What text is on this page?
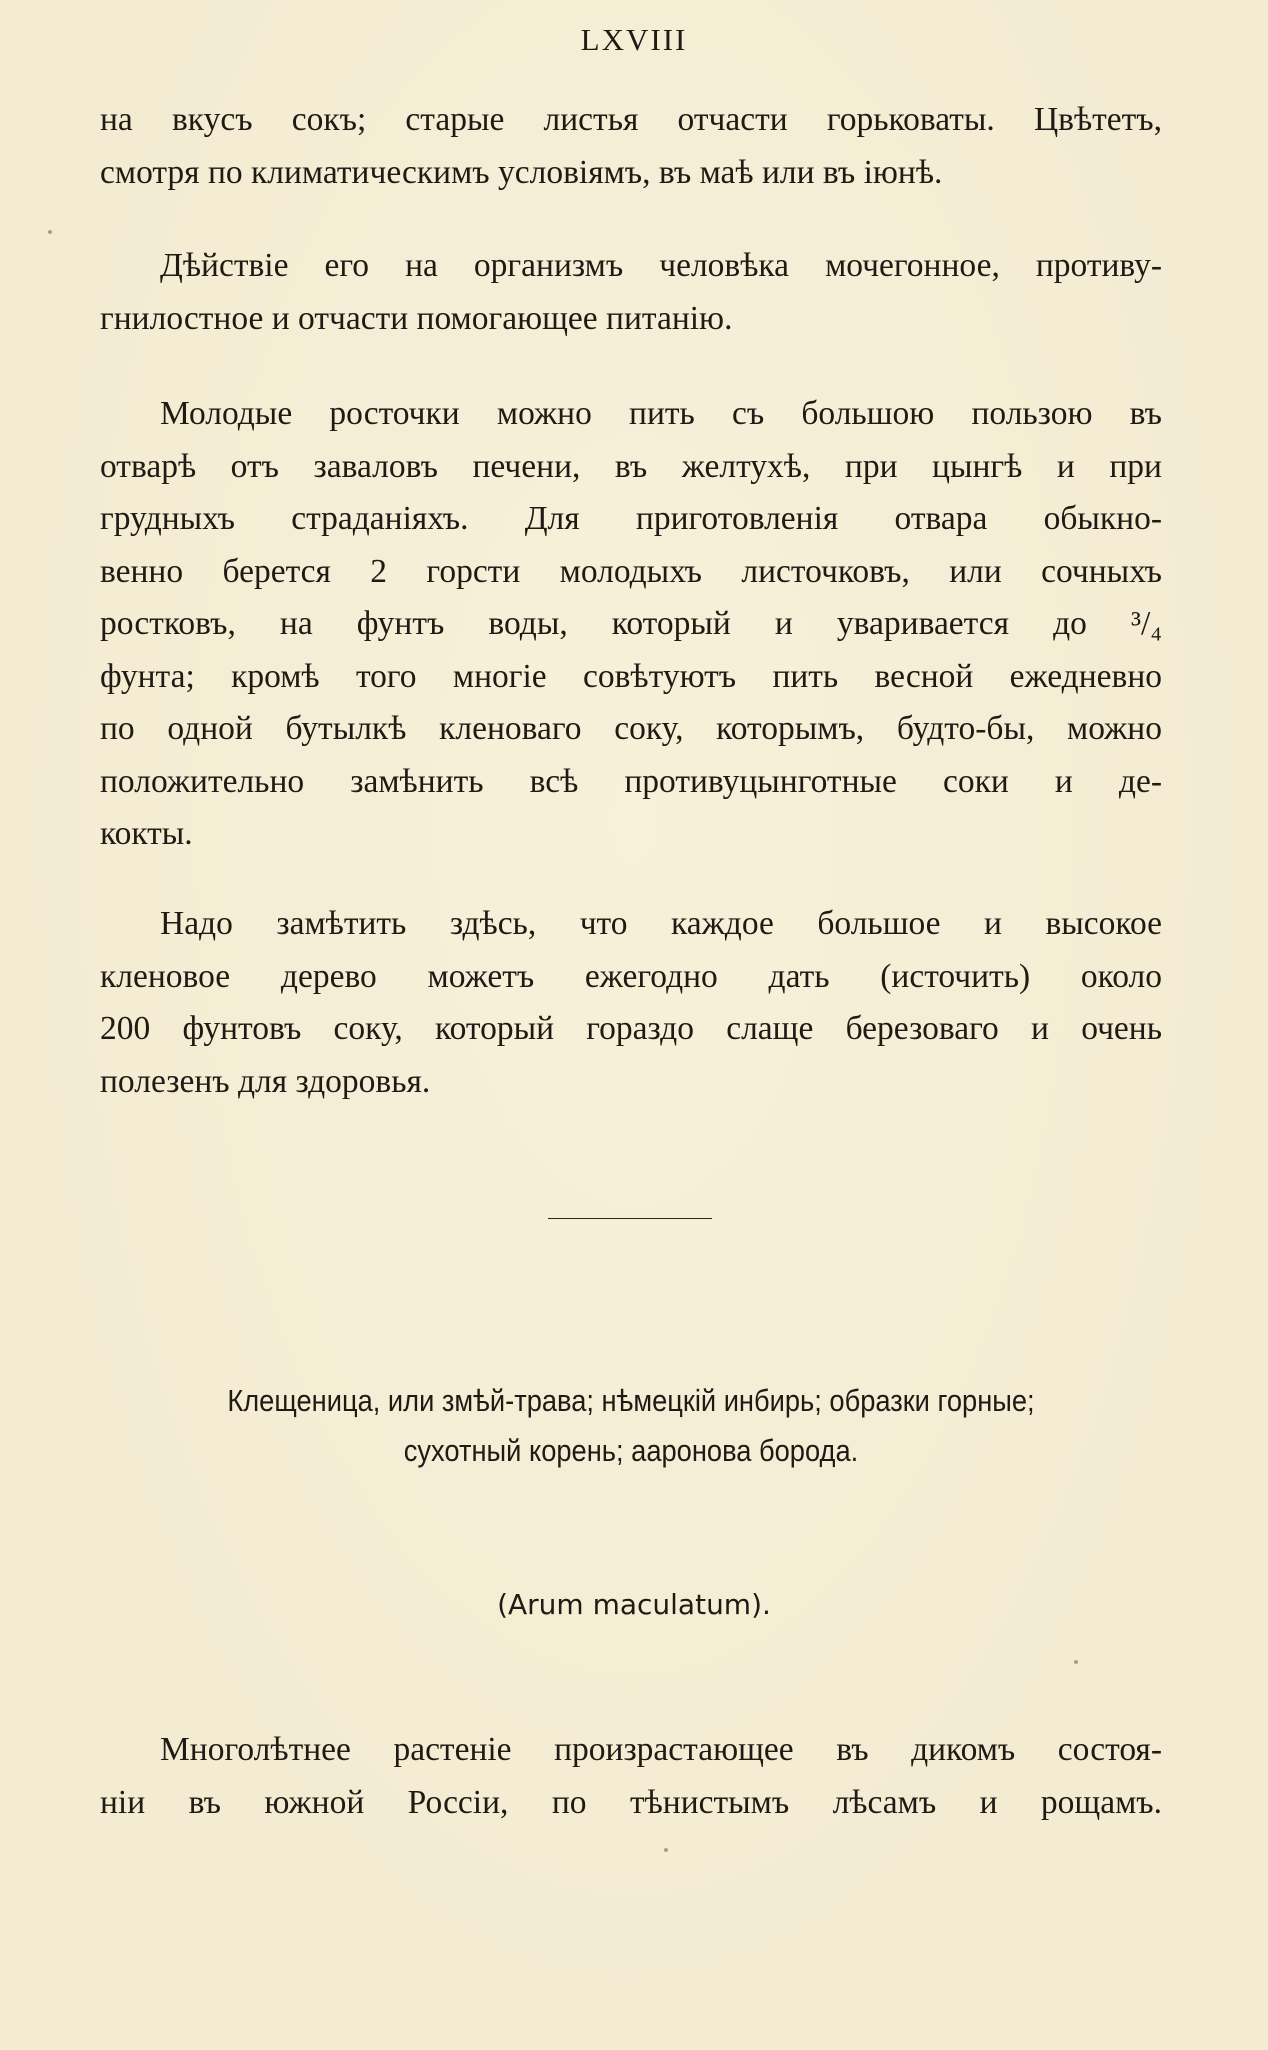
LXVIII
на вкусъ сокъ; старые листья отчасти горьковаты. Цвѣтетъ,
смотря по климатическимъ условіямъ, въ маѣ или въ іюнѣ.
Дѣйствіе его на организмъ человѣка мочегонное, противу-
гнилостное и отчасти помогающее питанію.
Молодые росточки можно пить съ большою пользою въ
отварѣ отъ заваловъ печени, въ желтухѣ, при цынгѣ и при
грудныхъ страданіяхъ. Для приготовленія отвара обыкно-
венно берется 2 горсти молодыхъ листочковъ, или сочныхъ
ростковъ, на фунтъ воды, который и уваривается до ³/₄
фунта; кромѣ того многіе совѣтуютъ пить весной ежедневно
по одной бутылкѣ кленоваго соку, которымъ, будто-бы, можно
положительно замѣнить всѣ противуцынготные соки и де-
кокты.
Надо замѣтить здѣсь, что каждое большое и высокое
кленовое дерево можетъ ежегодно дать (источить) около
200 фунтовъ соку, который гораздо слаще березоваго и очень
полезенъ для здоровья.
Клещеница, или змѣй-трава; нѣмецкій инбирь; образки горные;
сухотный корень; ааронова борода.
(Arum maculatum).
Многолѣтнее растеніе произрастающее въ дикомъ состоя-
ніи въ южной Россіи, по тѣнистымъ лѣсамъ и рощамъ.
